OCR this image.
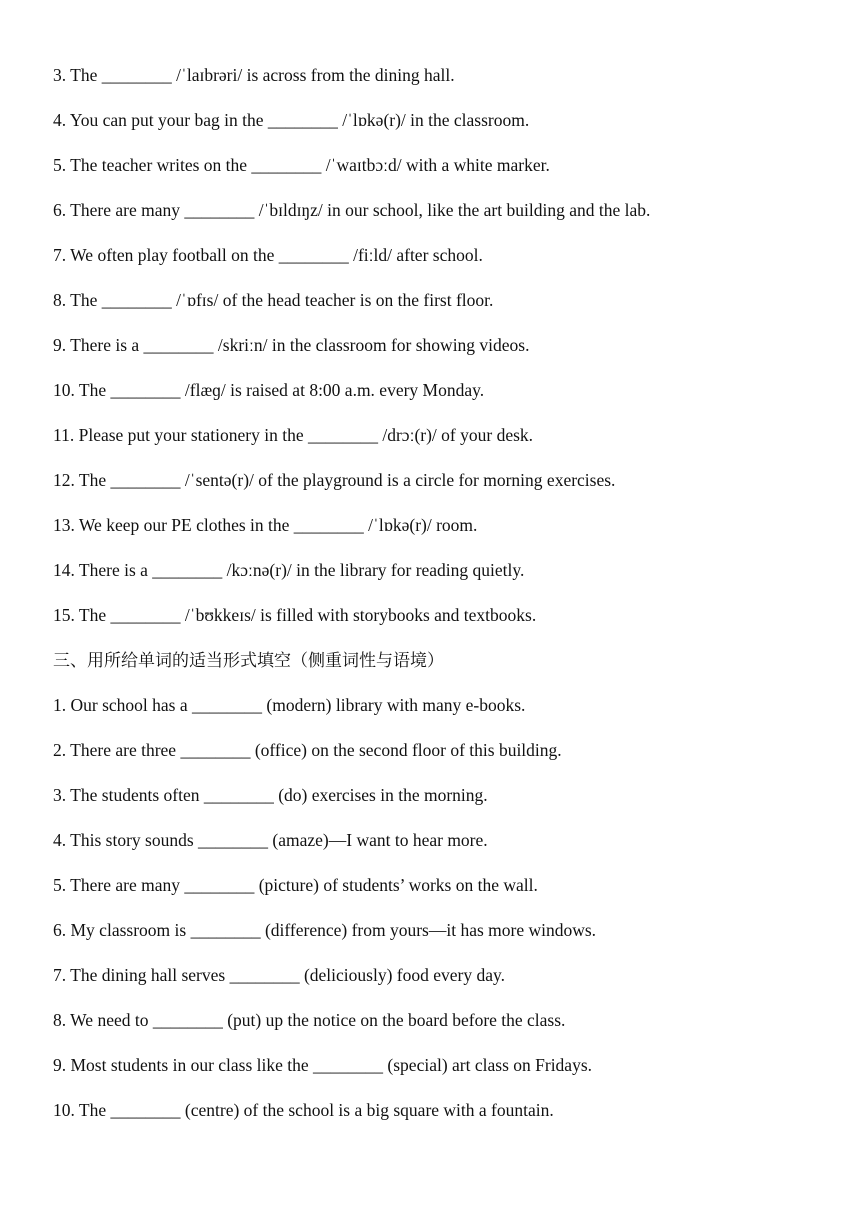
3. The ________ /ˈlaɪbrəri/ is across from the dining hall.
4. You can put your bag in the ________ /ˈlɒkə(r)/ in the classroom.
5. The teacher writes on the ________ /ˈwaɪtbɔːd/ with a white marker.
6. There are many ________ /ˈbɪldɪŋz/ in our school, like the art building and the lab.
7. We often play football on the ________ /fiːld/ after school.
8. The ________ /ˈɒfɪs/ of the head teacher is on the first floor.
9. There is a ________ /skriːn/ in the classroom for showing videos.
10. The ________ /flæɡ/ is raised at 8:00 a.m. every Monday.
11. Please put your stationery in the ________ /drɔː(r)/ of your desk.
12. The ________ /ˈsentə(r)/ of the playground is a circle for morning exercises.
13. We keep our PE clothes in the ________ /ˈlɒkə(r)/ room.
14. There is a ________ /kɔːnə(r)/ in the library for reading quietly.
15. The ________ /ˈbʊkkeɪs/ is filled with storybooks and textbooks.
三、用所给单词的适当形式填空（侧重词性与语境）
1. Our school has a ________ (modern) library with many e-books.
2. There are three ________ (office) on the second floor of this building.
3. The students often ________ (do) exercises in the morning.
4. This story sounds ________ (amaze)—I want to hear more.
5. There are many ________ (picture) of students’ works on the wall.
6. My classroom is ________ (difference) from yours—it has more windows.
7. The dining hall serves ________ (deliciously) food every day.
8. We need to ________ (put) up the notice on the board before the class.
9. Most students in our class like the ________ (special) art class on Fridays.
10. The ________ (centre) of the school is a big square with a fountain.
